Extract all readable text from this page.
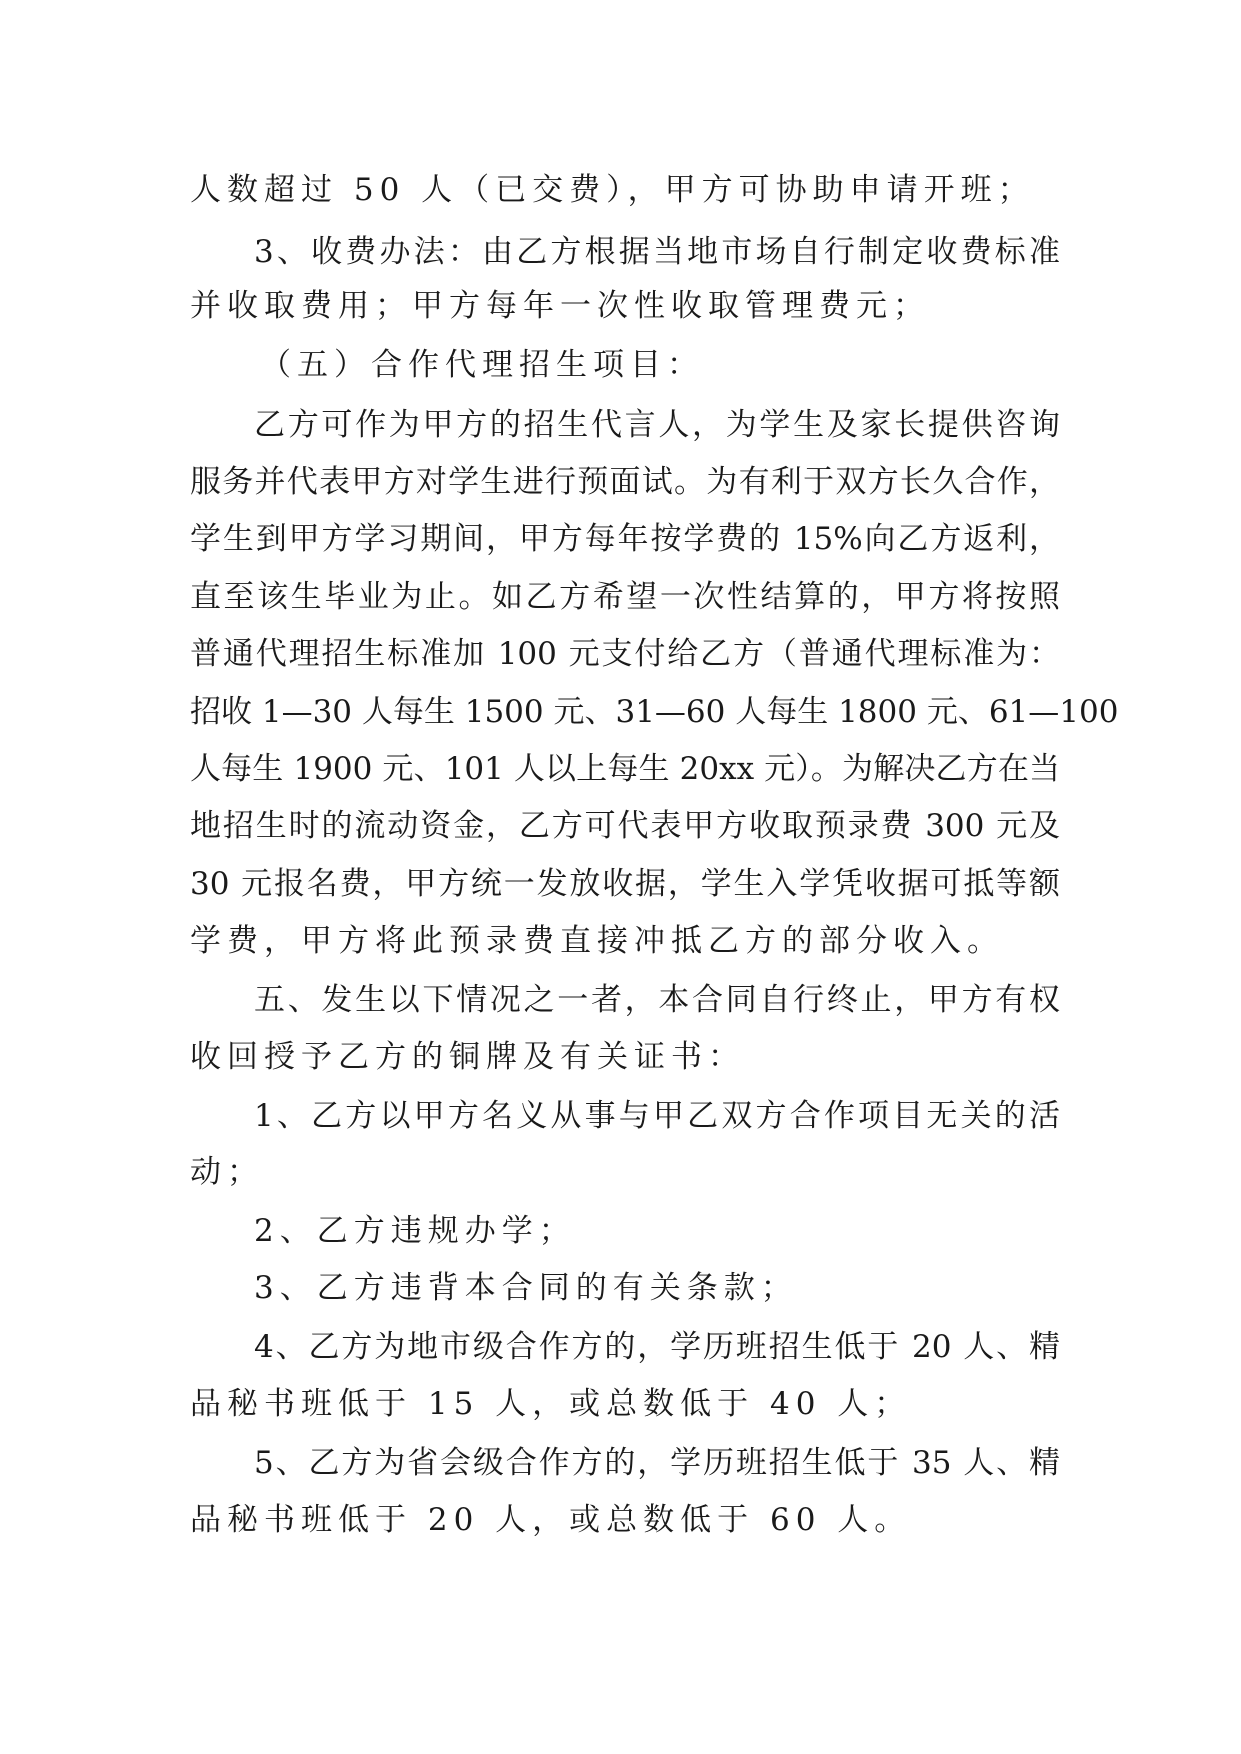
人数超过 50 人（已交费），甲方可协助申请开班；
3、收费办法：由乙方根据当地市场自行制定收费标准
并收取费用；甲方每年一次性收取管理费元；
（五）合作代理招生项目：
乙方可作为甲方的招生代言人，为学生及家长提供咨询
服务并代表甲方对学生进行预面试。为有利于双方长久合作，
学生到甲方学习期间，甲方每年按学费的 15%向乙方返利，
直至该生毕业为止。如乙方希望一次性结算的，甲方将按照
普通代理招生标准加 100 元支付给乙方（普通代理标准为：
招收 1—30 人每生 1500 元、31—60 人每生 1800 元、61—100
人每生 1900 元、101 人以上每生 20xx 元）。为解决乙方在当
地招生时的流动资金，乙方可代表甲方收取预录费 300 元及
30 元报名费，甲方统一发放收据，学生入学凭收据可抵等额
学费，甲方将此预录费直接冲抵乙方的部分收入。
五、发生以下情况之一者，本合同自行终止，甲方有权
收回授予乙方的铜牌及有关证书：
1、乙方以甲方名义从事与甲乙双方合作项目无关的活
动；
2、乙方违规办学；
3、乙方违背本合同的有关条款；
4、乙方为地市级合作方的，学历班招生低于 20 人、精
品秘书班低于 15 人，或总数低于 40 人；
5、乙方为省会级合作方的，学历班招生低于 35 人、精
品秘书班低于 20 人，或总数低于 60 人。
